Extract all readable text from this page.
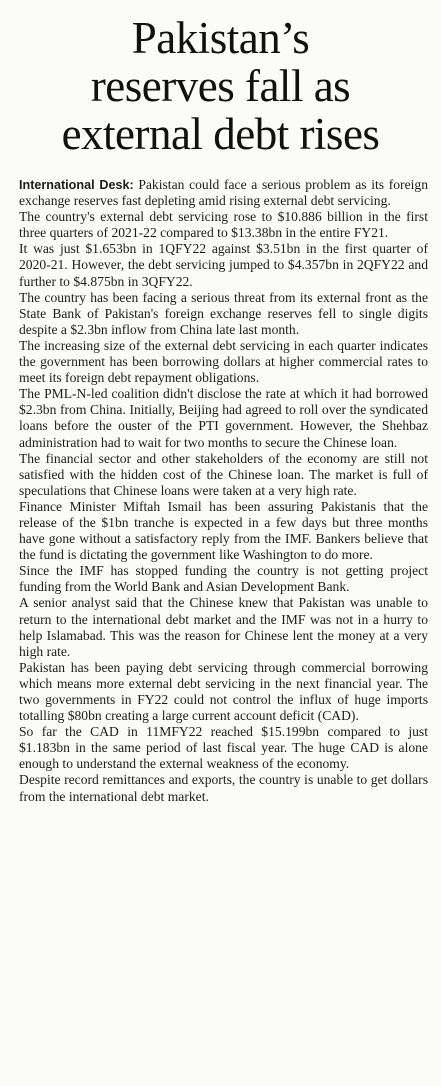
Pakistan’s
reserves fall as
external debt rises

International Desk: Pakistan could face a serious problem as its foreign exchange reserves fast depleting amid rising external debt servicing.

The country's external debt servicing rose to $10.886 billion in the first three quarters of 2021-22 compared to $13.38bn in the entire FY21.

It was just $1.653bn in 1QFY22 against $3.51bn in the first quarter of 2020-21. However, the debt servicing jumped to $4.357bn in 2QFY22 and further to $4.875bn in 3QFY22.

The country has been facing a serious threat from its external front as the State Bank of Pakistan's foreign exchange reserves fell to single digits despite a $2.3bn inflow from China late last month.

The increasing size of the external debt servicing in each quarter indicates the government has been borrowing dollars at higher commercial rates to meet its foreign debt repayment obligations.

The PML-N-led coalition didn't disclose the rate at which it had borrowed $2.3bn from China. Initially, Beijing had agreed to roll over the syndicated loans before the ouster of the PTI government. However, the Shehbaz administration had to wait for two months to secure the Chinese loan.

The financial sector and other stakeholders of the economy are still not satisfied with the hidden cost of the Chinese loan. The market is full of speculations that Chinese loans were taken at a very high rate.

Finance Minister Miftah Ismail has been assuring Pakistanis that the release of the $1bn tranche is expected in a few days but three months have gone without a satisfactory reply from the IMF. Bankers believe that the fund is dictating the government like Washington to do more.

Since the IMF has stopped funding the country is not getting project funding from the World Bank and Asian Development Bank.

A senior analyst said that the Chinese knew that Pakistan was unable to return to the international debt market and the IMF was not in a hurry to help Islamabad. This was the reason for Chinese lent the money at a very high rate.

Pakistan has been paying debt servicing through commercial borrowing which means more external debt servicing in the next financial year. The two governments in FY22 could not control the influx of huge imports totalling $80bn creating a large current account deficit (CAD).

So far the CAD in 11MFY22 reached $15.199bn compared to just $1.183bn in the same period of last fiscal year. The huge CAD is alone enough to understand the external weakness of the economy.

Despite record remittances and exports, the country is unable to get dollars from the international debt market.
